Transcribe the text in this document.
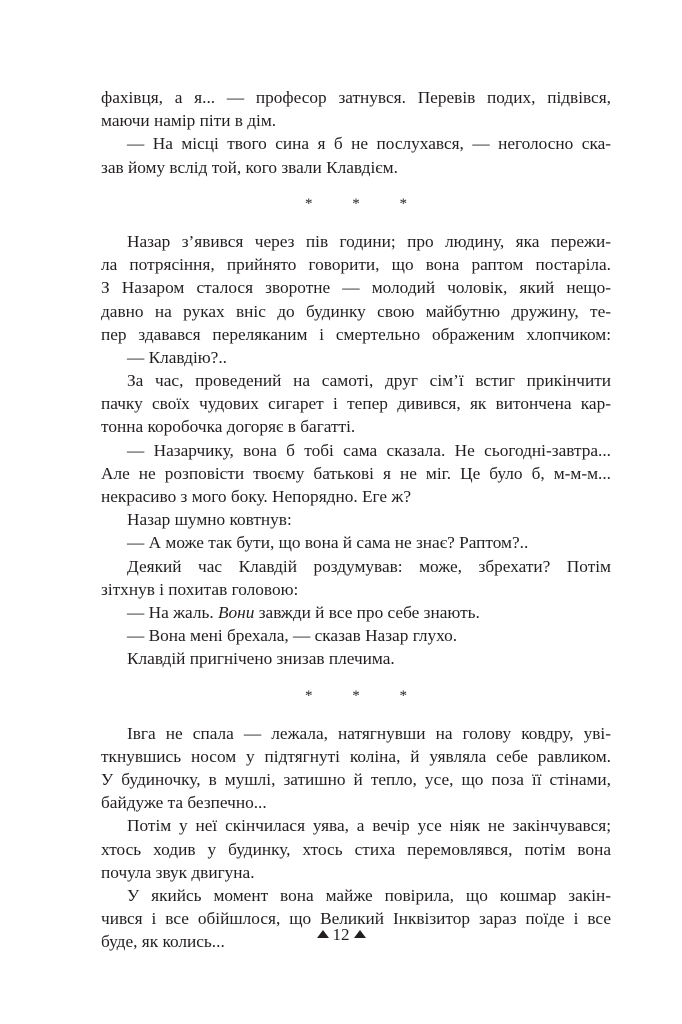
фахівця, а я... — професор затнувся. Перевів подих, підвівся,
маючи намір піти в дім.
— На місці твого сина я б не послухався, — неголосно ска-
зав йому вслід той, кого звали Клавдієм.
* * *
Назар з’явився через пів години; про людину, яка пережи-
ла потрясіння, прийнято говорити, що вона раптом постаріла.
З Назаром сталося зворотне — молодий чоловік, який нещо-
давно на руках вніс до будинку свою майбутню дружину, те-
пер здавався переляканим і смертельно ображеним хлопчиком:
— Клавдію?..
За час, проведений на самоті, друг сім’ї встиг прикінчити
пачку своїх чудових сигарет і тепер дивився, як витончена кар-
тонна коробочка догоряє в багатті.
— Назарчику, вона б тобі сама сказала. Не сьогодні-завтра...
Але не розповісти твоєму батькові я не міг. Це було б, м-м-м...
некрасиво з мого боку. Непорядно. Еге ж?
Назар шумно ковтнув:
— А може так бути, що вона й сама не знає? Раптом?..
Деякий час Клавдій роздумував: може, збрехати? Потім
зітхнув і похитав головою:
— На жаль. Вони завжди й все про себе знають.
— Вона мені брехала, — сказав Назар глухо.
Клавдій пригнічено знизав плечима.
* * *
Івга не спала — лежала, натягнувши на голову ковдру, уві-
ткнувшись носом у підтягнуті коліна, й уявляла себе равликом.
У будиночку, в мушлі, затишно й тепло, усе, що поза її стінами,
байдуже та безпечно...
Потім у неї скінчилася уява, а вечір усе ніяк не закінчувався;
хтось ходив у будинку, хтось стиха перемовлявся, потім вона
почула звук двигуна.
У якийсь момент вона майже повірила, що кошмар закін-
чився і все обійшлося, що Великий Інквізитор зараз поїде і все
буде, як колись...	12
